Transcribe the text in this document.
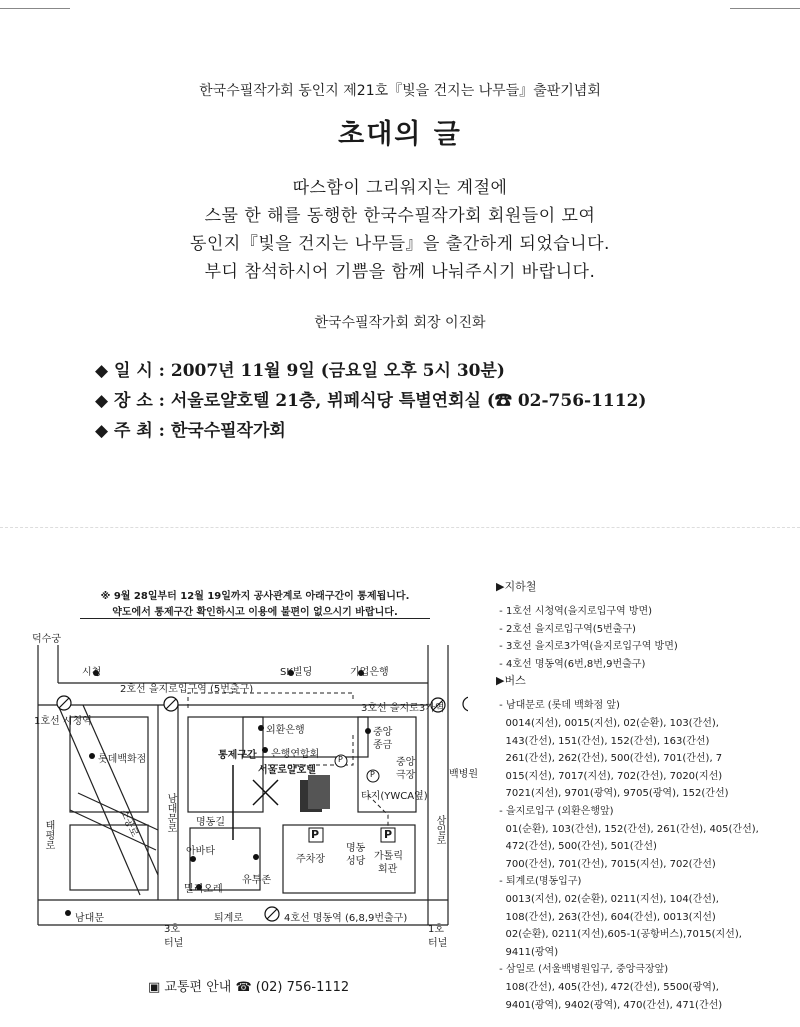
한국수필작가회 동인지 제21호『빛을 건지는 나무들』출판기념회
초대의 글
따스함이 그리워지는 계절에
스물 한 해를 동행한 한국수필작가회 회원들이 모여
동인지『빛을 건지는 나무들』을 출간하게 되었습니다.
부디 참석하시어 기쁨을 함께 나눠주시기 바랍니다.
한국수필작가회 회장 이진화
◆ 일 시 : 2007년 11월 9일 (금요일 오후 5시 30분)
◆ 장 소 : 서울로얄호텔 21층, 뷔페식당 특별연회실 (☎ 02-756-1112)
◆ 주 최 : 한국수필작가회
※ 9월 28일부터 12월 19일까지 공사관계로 아래구간이 통제됩니다.
약도에서 통제구간 확인하시고 이용에 불편이 없으시기 바랍니다.
덕수궁
시청	SK빌딩	기업은행
2호선 을지로입구역 (5번출구)
3호선 을지로3가역
1호선 시청역
외환은행
롯데백화점	통제구간 은행연합회
서울로얄호텔
중앙
종금
중앙
극장	백병원
타지(YWCA옆)
태평로	소공로	남대문로 명동길
아바타
주차장
명동
성당 가톨릭
회관
밀리오레
유투존
삼일로
남대문
3호
터널
퇴계로	4호선 명동역 (6,8,9번출구)
1호
터널
P
P
P	P
▣ 교통편 안내 ☎ (02) 756-1112
▶지하철
- 1호선 시청역(을지로입구역 방면)
- 2호선 을지로입구역(5번출구)
- 3호선 을지로3가역(을지로입구역 방면)
- 4호선 명동역(6번,8번,9번출구)
▶버스
- 남대문로 (롯데 백화점 앞)
0014(지선), 0015(지선), 02(순환), 103(간선),
143(간선), 151(간선), 152(간선), 163(간선)
261(간선), 262(간선), 500(간선), 701(간선), 7
015(지선), 7017(지선), 702(간선), 7020(지선)
7021(지선), 9701(광역), 9705(광역), 152(간선)
- 을지로입구 (외환은행앞)
01(순환), 103(간선), 152(간선), 261(간선), 405(간선),
472(간선), 500(간선), 501(간선)
700(간선), 701(간선), 7015(지선), 702(간선)
- 퇴계로(명동입구)
0013(지선), 02(순환), 0211(지선), 104(간선),
108(간선), 263(간선), 604(간선), 0013(지선)
02(순환), 0211(지선),605-1(공항버스),7015(지선),
9411(광역)
- 삼일로 (서울백병원입구, 중앙극장앞)
108(간선), 405(간선), 472(간선), 5500(광역),
9401(광역), 9402(광역), 470(간선), 471(간선)
